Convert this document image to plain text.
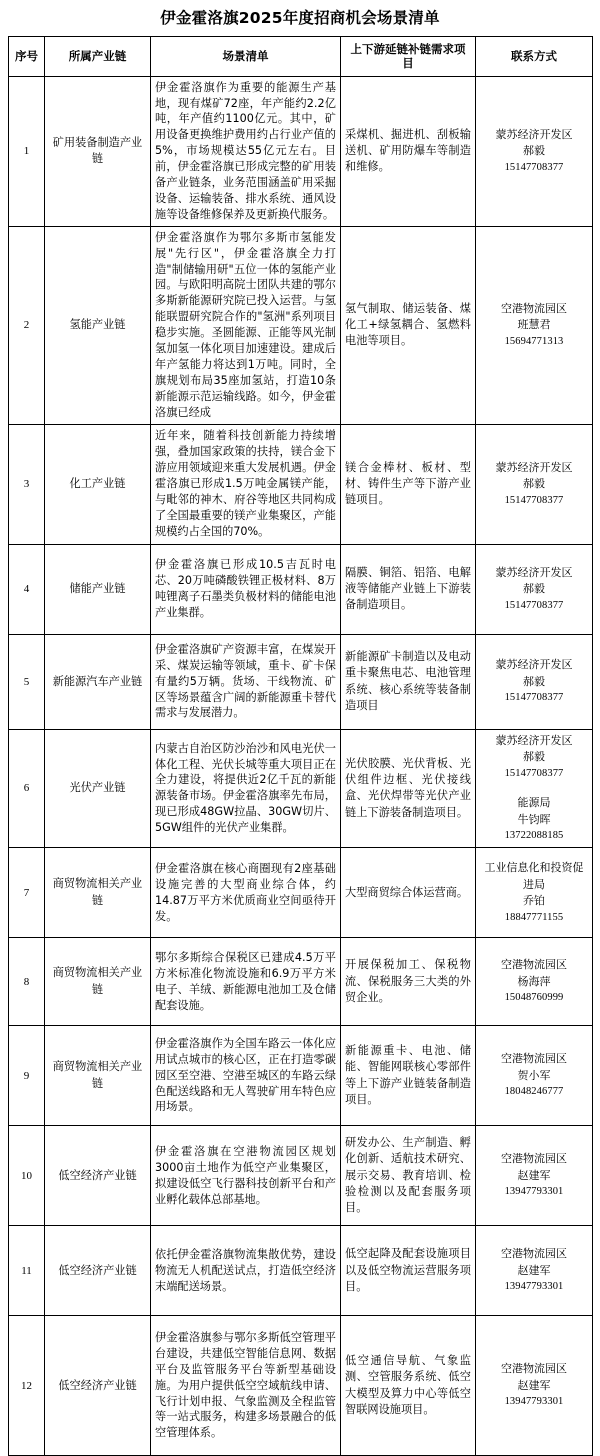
伊金霍洛旗2025年度招商机会场景清单
序号	所属产业链	场景清单	上下游延链补链需求项目	联系方式
1	矿用装备制造产业链	伊金霍洛旗作为重要的能源生产基地，现有煤矿72座，年产能约2.2亿吨，年产值约1100亿元。其中，矿用设备更换维护费用约占行业产值的5%，市场规模达55亿元左右。目前，伊金霍洛旗已形成完整的矿用装备产业链条，业务范围涵盖矿用采掘设备、运输装备、排水系统、通风设施等设备维修保养及更新换代服务。	采煤机、掘进机、刮板输送机、矿用防爆车等制造和维修。	蒙苏经济开发区
郝毅
15147708377

2	氢能产业链	伊金霍洛旗作为鄂尔多斯市氢能发展"先行区"，伊金霍洛旗全力打造"制储输用研"五位一体的氢能产业园。与欧阳明高院士团队共建的鄂尔多斯新能源研究院已投入运营。与氢能联盟研究院合作的"氢洲"系列项目稳步实施。圣圆能源、正能等风光制氢加氢一体化项目加速建设。建成后年产氢能力将达到1万吨。同时，全旗规划布局35座加氢站，打造10条新能源示范运输线路。如今，伊金霍洛旗已经成	氢气制取、储运装备、煤化工+绿氢耦合、氢燃料电池等项目。	空港物流园区
班慧君
15694771313

3	化工产业链	近年来，随着科技创新能力持续增强，叠加国家政策的扶持，镁合金下游应用领域迎来重大发展机遇。伊金霍洛旗已形成1.5万吨金属镁产能，与毗邻的神木、府谷等地区共同构成了全国最重要的镁产业集聚区，产能规模约占全国的70%。	镁合金棒材、板材、型材、铸件生产等下游产业链项目。	蒙苏经济开发区
郝毅
15147708377

4	储能产业链	伊金霍洛旗已形成10.5吉瓦时电芯、20万吨磷酸铁锂正极材料、8万吨锂离子石墨类负极材料的储能电池产业集群。	隔膜、铜箔、铝箔、电解液等储能产业链上下游装备制造项目。	蒙苏经济开发区
郝毅
15147708377

5	新能源汽车产业链	伊金霍洛旗矿产资源丰富，在煤炭开采、煤炭运输等领域，重卡、矿卡保有量约5万辆。货场、干线物流、矿区等场景蕴含广阔的新能源重卡替代需求与发展潜力。	新能源矿卡制造以及电动重卡聚焦电芯、电池管理系统、核心系统等装备制造项目	蒙苏经济开发区
郝毅
15147708377

6	光伏产业链	内蒙古自治区防沙治沙和风电光伏一体化工程、光伏长城等重大项目正在全力建设，将提供近2亿千瓦的新能源装备市场。伊金霍洛旗率先布局，现已形成48GW拉晶、30GW切片、5GW组件的光伏产业集群。	光伏胶膜、光伏背板、光伏组件边框、光伏接线盒、光伏焊带等光伏产业链上下游装备制造项目。	
蒙苏经济开发区
郝毅
15147708377
能源局
牛钧晖
13722088185

7	商贸物流相关产业链	伊金霍洛旗在核心商圈现有2座基础设施完善的大型商业综合体，约14.87万平方米优质商业空间亟待开发。	大型商贸综合体运营商。	工业信息化和投资促进局
乔铂
18847771155

8	商贸物流相关产业链	鄂尔多斯综合保税区已建成4.5万平方米标准化物流设施和6.9万平方米电子、羊绒、新能源电池加工及仓储配套设施。	开展保税加工、保税物流、保税服务三大类的外贸企业。	空港物流园区
杨海萍
15048760999

9	商贸物流相关产业链	伊金霍洛旗作为全国车路云一体化应用试点城市的核心区，正在打造零碳园区至空港、空港至城区的车路云绿色配送线路和无人驾驶矿用车特色应用场景。	新能源重卡、电池、储能、智能网联核心零部件等上下游产业链装备制造项目。	空港物流园区
贺小军
18048246777

10	低空经济产业链	伊金霍洛旗在空港物流园区规划3000亩土地作为低空产业集聚区，拟建设低空飞行器科技创新平台和产业孵化载体总部基地。	研发办公、生产制造、孵化创新、适航技术研究、展示交易、教育培训、检验检测以及配套服务项目。	空港物流园区
赵建军
13947793301

11	低空经济产业链	依托伊金霍洛旗物流集散优势，建设物流无人机配送试点，打造低空经济末端配送场景。	低空起降及配套设施项目以及低空物流运营服务项目。	空港物流园区
赵建军
13947793301

12	低空经济产业链	伊金霍洛旗参与鄂尔多斯低空管理平台建设，共建低空智能信息网、数据平台及监管服务平台等新型基础设施。为用户提供低空空域航线申请、飞行计划申报、气象监测及全程监管等一站式服务，构建多场景融合的低空管理体系。	低空通信导航、气象监测、空管服务系统、低空大模型及算力中心等低空智联网设施项目。	空港物流园区
赵建军
13947793301
